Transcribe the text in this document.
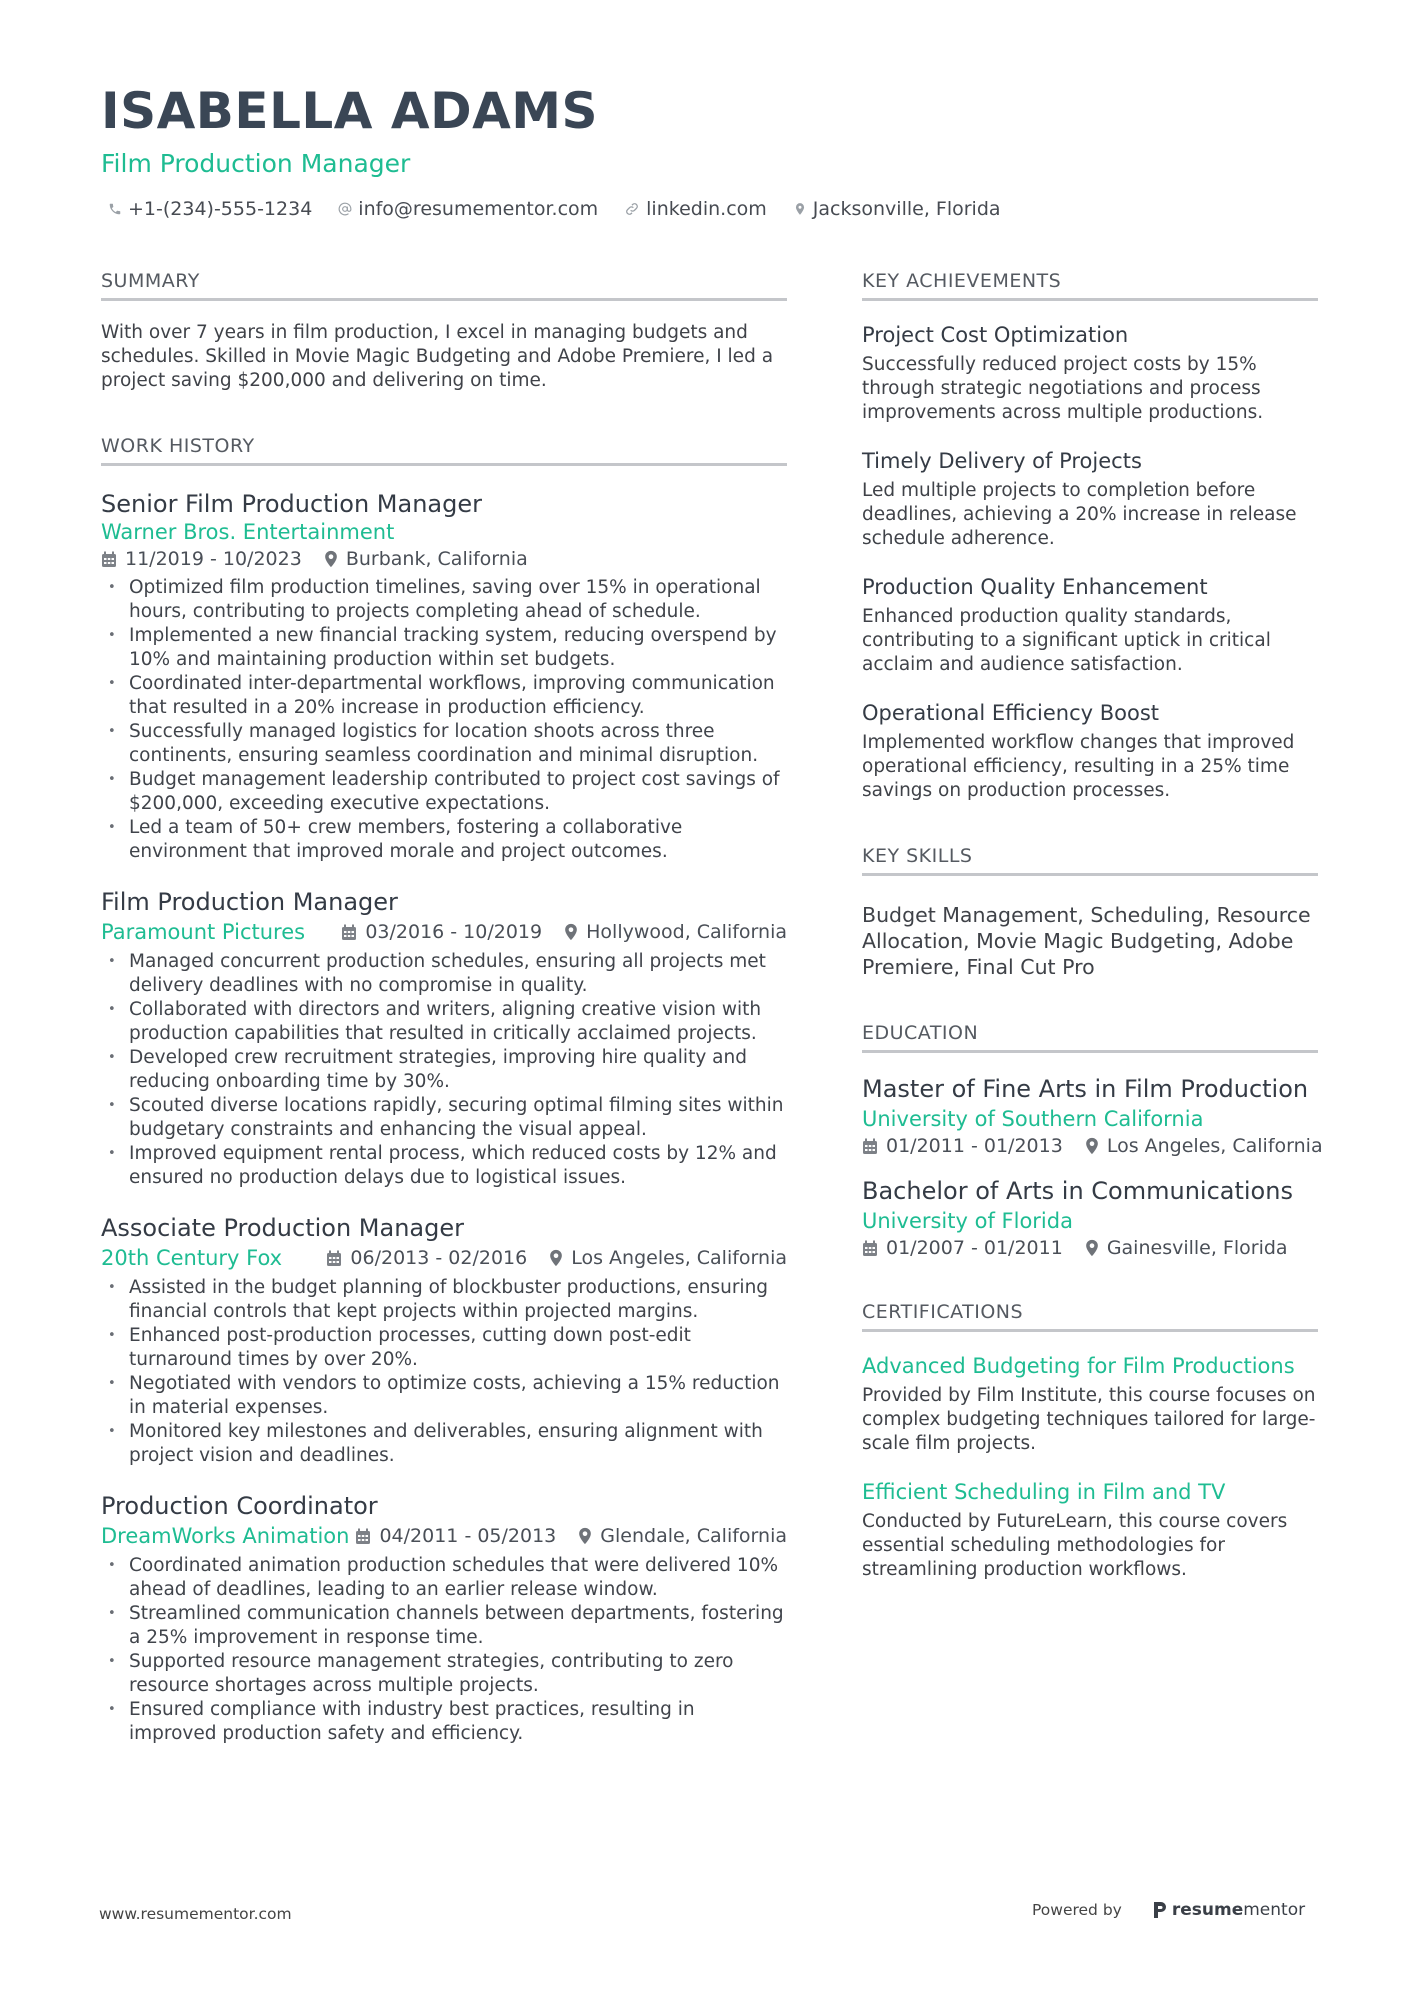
ISABELLA ADAMS
Film Production Manager
+1-(234)-555-1234 info@resumementor.com	linkedin.com Jacksonville, Florida
SUMMARY
With over 7 years in film production, I excel in managing budgets and schedules. Skilled in Movie Magic Budgeting and Adobe Premiere, I led a project saving $200,000 and delivering on time.
WORK HISTORY
Senior Film Production Manager
Warner Bros. Entertainment
11/2019 - 10/2023 Burbank, California
• Optimized film production timelines, saving over 15% in operational hours, contributing to projects completing ahead of schedule.
• Implemented a new financial tracking system, reducing overspend by 10% and maintaining production within set budgets.
• Coordinated inter-departmental workflows, improving communication that resulted in a 20% increase in production efficiency.
• Successfully managed logistics for location shoots across three continents, ensuring seamless coordination and minimal disruption.
• Budget management leadership contributed to project cost savings of $200,000, exceeding executive expectations.
• Led a team of 50+ crew members, fostering a collaborative environment that improved morale and project outcomes.
Film Production Manager
Paramount Pictures	03/2016 - 10/2019 Hollywood, California
• Managed concurrent production schedules, ensuring all projects met delivery deadlines with no compromise in quality.
• Collaborated with directors and writers, aligning creative vision with production capabilities that resulted in critically acclaimed projects.
• Developed crew recruitment strategies, improving hire quality and reducing onboarding time by 30%.
• Scouted diverse locations rapidly, securing optimal filming sites within budgetary constraints and enhancing the visual appeal.
• Improved equipment rental process, which reduced costs by 12% and ensured no production delays due to logistical issues.
Associate Production Manager
20th Century Fox	06/2013 - 02/2016 Los Angeles, California
• Assisted in the budget planning of blockbuster productions, ensuring financial controls that kept projects within projected margins.
• Enhanced post-production processes, cutting down post-edit turnaround times by over 20%.
• Negotiated with vendors to optimize costs, achieving a 15% reduction in material expenses.
• Monitored key milestones and deliverables, ensuring alignment with project vision and deadlines.
Production Coordinator
DreamWorks Animation 04/2011 - 05/2013 Glendale, California
• Coordinated animation production schedules that were delivered 10% ahead of deadlines, leading to an earlier release window.
• Streamlined communication channels between departments, fostering a 25% improvement in response time.
• Supported resource management strategies, contributing to zero resource shortages across multiple projects.
• Ensured compliance with industry best practices, resulting in improved production safety and efficiency.
KEY ACHIEVEMENTS
Project Cost Optimization
Successfully reduced project costs by 15% through strategic negotiations and process improvements across multiple productions.
Timely Delivery of Projects
Led multiple projects to completion before deadlines, achieving a 20% increase in release schedule adherence.
Production Quality Enhancement
Enhanced production quality standards, contributing to a significant uptick in critical acclaim and audience satisfaction.
Operational Efficiency Boost
Implemented workflow changes that improved operational efficiency, resulting in a 25% time savings on production processes.
KEY SKILLS
Budget Management, Scheduling, Resource Allocation, Movie Magic Budgeting, Adobe Premiere, Final Cut Pro
EDUCATION
Master of Fine Arts in Film Production
University of Southern California
01/2011 - 01/2013 Los Angeles, California
Bachelor of Arts in Communications
University of Florida
01/2007 - 01/2011 Gainesville, Florida
CERTIFICATIONS
Advanced Budgeting for Film Productions
Provided by Film Institute, this course focuses on complex budgeting techniques tailored for large-scale film projects.
Efficient Scheduling in Film and TV
Conducted by FutureLearn, this course covers essential scheduling methodologies for streamlining production workflows.
www.resumementor.com	Powered by	resume mentor
